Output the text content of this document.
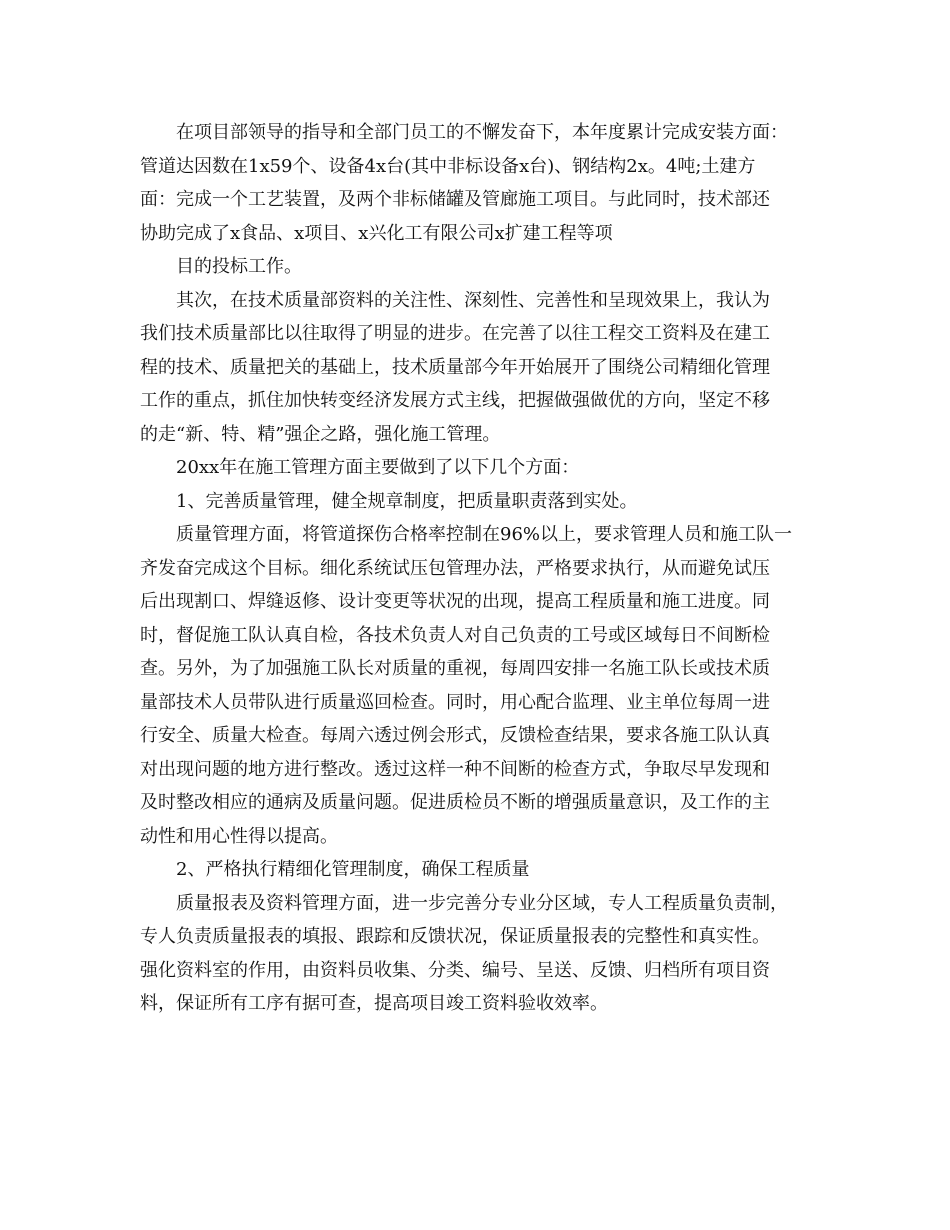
在项目部领导的指导和全部门员工的不懈发奋下，本年度累计完成安装方面：
管道达因数在1x59个、设备4x台(其中非标设备x台)、钢结构2x。4吨;土建方
面：完成一个工艺装置，及两个非标储罐及管廊施工项目。与此同时，技术部还
协助完成了x食品、x项目、x兴化工有限公司x扩建工程等项
目的投标工作。
其次，在技术质量部资料的关注性、深刻性、完善性和呈现效果上，我认为
我们技术质量部比以往取得了明显的进步。在完善了以往工程交工资料及在建工
程的技术、质量把关的基础上，技术质量部今年开始展开了围绕公司精细化管理
工作的重点，抓住加快转变经济发展方式主线，把握做强做优的方向，坚定不移
的走“新、特、精”强企之路，强化施工管理。
20xx年在施工管理方面主要做到了以下几个方面：
1、完善质量管理，健全规章制度，把质量职责落到实处。
质量管理方面，将管道探伤合格率控制在96%以上，要求管理人员和施工队一
齐发奋完成这个目标。细化系统试压包管理办法，严格要求执行，从而避免试压
后出现割口、焊缝返修、设计变更等状况的出现，提高工程质量和施工进度。同
时，督促施工队认真自检，各技术负责人对自己负责的工号或区域每日不间断检
查。另外，为了加强施工队长对质量的重视，每周四安排一名施工队长或技术质
量部技术人员带队进行质量巡回检查。同时，用心配合监理、业主单位每周一进
行安全、质量大检查。每周六透过例会形式，反馈检查结果，要求各施工队认真
对出现问题的地方进行整改。透过这样一种不间断的检查方式，争取尽早发现和
及时整改相应的通病及质量问题。促进质检员不断的增强质量意识，及工作的主
动性和用心性得以提高。
2、严格执行精细化管理制度，确保工程质量
质量报表及资料管理方面，进一步完善分专业分区域，专人工程质量负责制，
专人负责质量报表的填报、跟踪和反馈状况，保证质量报表的完整性和真实性。
强化资料室的作用，由资料员收集、分类、编号、呈送、反馈、归档所有项目资
料，保证所有工序有据可查，提高项目竣工资料验收效率。
